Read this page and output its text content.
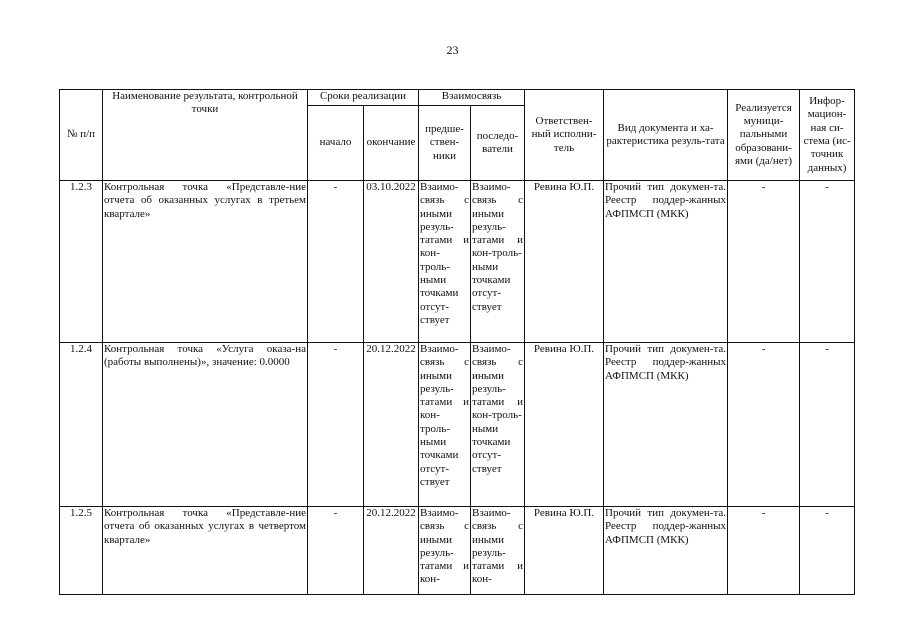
23
№ п/п	Наименование результата, контрольной точки	Сроки реализации		Взаимосвязь		Ответствен-ный исполни-тель	Вид документа и ха-рактеристика резуль-тата	Реализуется муници-пальными образовани-ями (да/нет)	Инфор-мацион-ная си-стема (ис-точник данных)
		начало	окончание	предше-ствен-ники	последо-ватели				
1.2.3	Контрольная точка «Представле-ние отчета об оказанных услугах в третьем квартале»	-	03.10.2022	Взаимо-связь с иными резуль-татами и кон-троль-ными точками отсут-ствует	Взаимо-связь с иными резуль-татами и кон-троль-ными точками отсут-ствует	Ревина Ю.П.	Прочий тип докумен-та. Реестр поддер-жанных АФПМСП (МКК)	-	-
1.2.4	Контрольная точка «Услуга оказа-на (работы выполнены)», значение: 0.0000	-	20.12.2022	Взаимо-связь с иными резуль-татами и кон-троль-ными точками отсут-ствует	Взаимо-связь с иными резуль-татами и кон-троль-ными точками отсут-ствует	Ревина Ю.П.	Прочий тип докумен-та. Реестр поддер-жанных АФПМСП (МКК)	-	-
1.2.5	Контрольная точка «Представле-ние отчета об оказанных услугах в четвертом квартале»	-	20.12.2022	Взаимо-связь с иными резуль-татами и кон-	Взаимо-связь с иными резуль-татами и кон-	Ревина Ю.П.	Прочий тип докумен-та. Реестр поддер-жанных АФПМСП (МКК)	-	-
